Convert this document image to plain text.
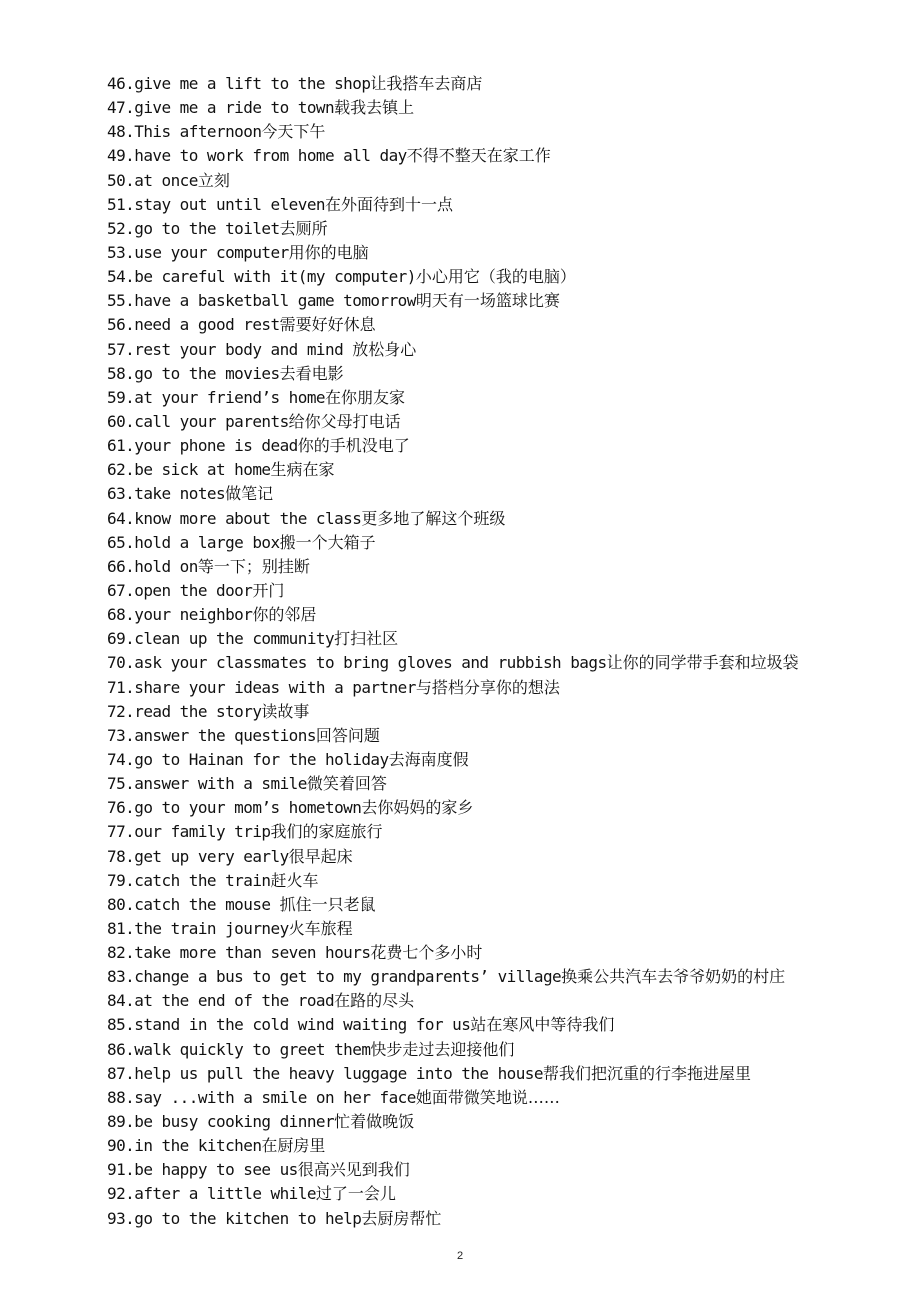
46.give me a lift to the shop让我搭车去商店
47.give me a ride to town载我去镇上
48.This afternoon今天下午
49.have to work from home all day不得不整天在家工作
50.at once立刻
51.stay out until eleven在外面待到十一点
52.go to the toilet去厕所
53.use your computer用你的电脑
54.be careful with it(my computer)小心用它（我的电脑）
55.have a basketball game tomorrow明天有一场篮球比赛
56.need a good rest需要好好休息
57.rest your body and mind 放松身心
58.go to the movies去看电影
59.at your friend’s home在你朋友家
60.call your parents给你父母打电话
61.your phone is dead你的手机没电了
62.be sick at home生病在家
63.take notes做笔记
64.know more about the class更多地了解这个班级
65.hold a large box搬一个大箱子
66.hold on等一下；别挂断
67.open the door开门
68.your neighbor你的邻居
69.clean up the community打扫社区
70.ask your classmates to bring gloves and rubbish bags让你的同学带手套和垃圾袋
71.share your ideas with a partner与搭档分享你的想法
72.read the story读故事
73.answer the questions回答问题
74.go to Hainan for the holiday去海南度假
75.answer with a smile微笑着回答
76.go to your mom’s hometown去你妈妈的家乡
77.our family trip我们的家庭旅行
78.get up very early很早起床
79.catch the train赶火车
80.catch the mouse 抓住一只老鼠
81.the train journey火车旅程
82.take more than seven hours花费七个多小时
83.change a bus to get to my grandparents’ village换乘公共汽车去爷爷奶奶的村庄
84.at the end of the road在路的尽头
85.stand in the cold wind waiting for us站在寒风中等待我们
86.walk quickly to greet them快步走过去迎接他们
87.help us pull the heavy luggage into the house帮我们把沉重的行李拖进屋里
88.say ...with a smile on her face她面带微笑地说……
89.be busy cooking dinner忙着做晚饭
90.in the kitchen在厨房里
91.be happy to see us很高兴见到我们
92.after a little while过了一会儿
93.go to the kitchen to help去厨房帮忙
2
